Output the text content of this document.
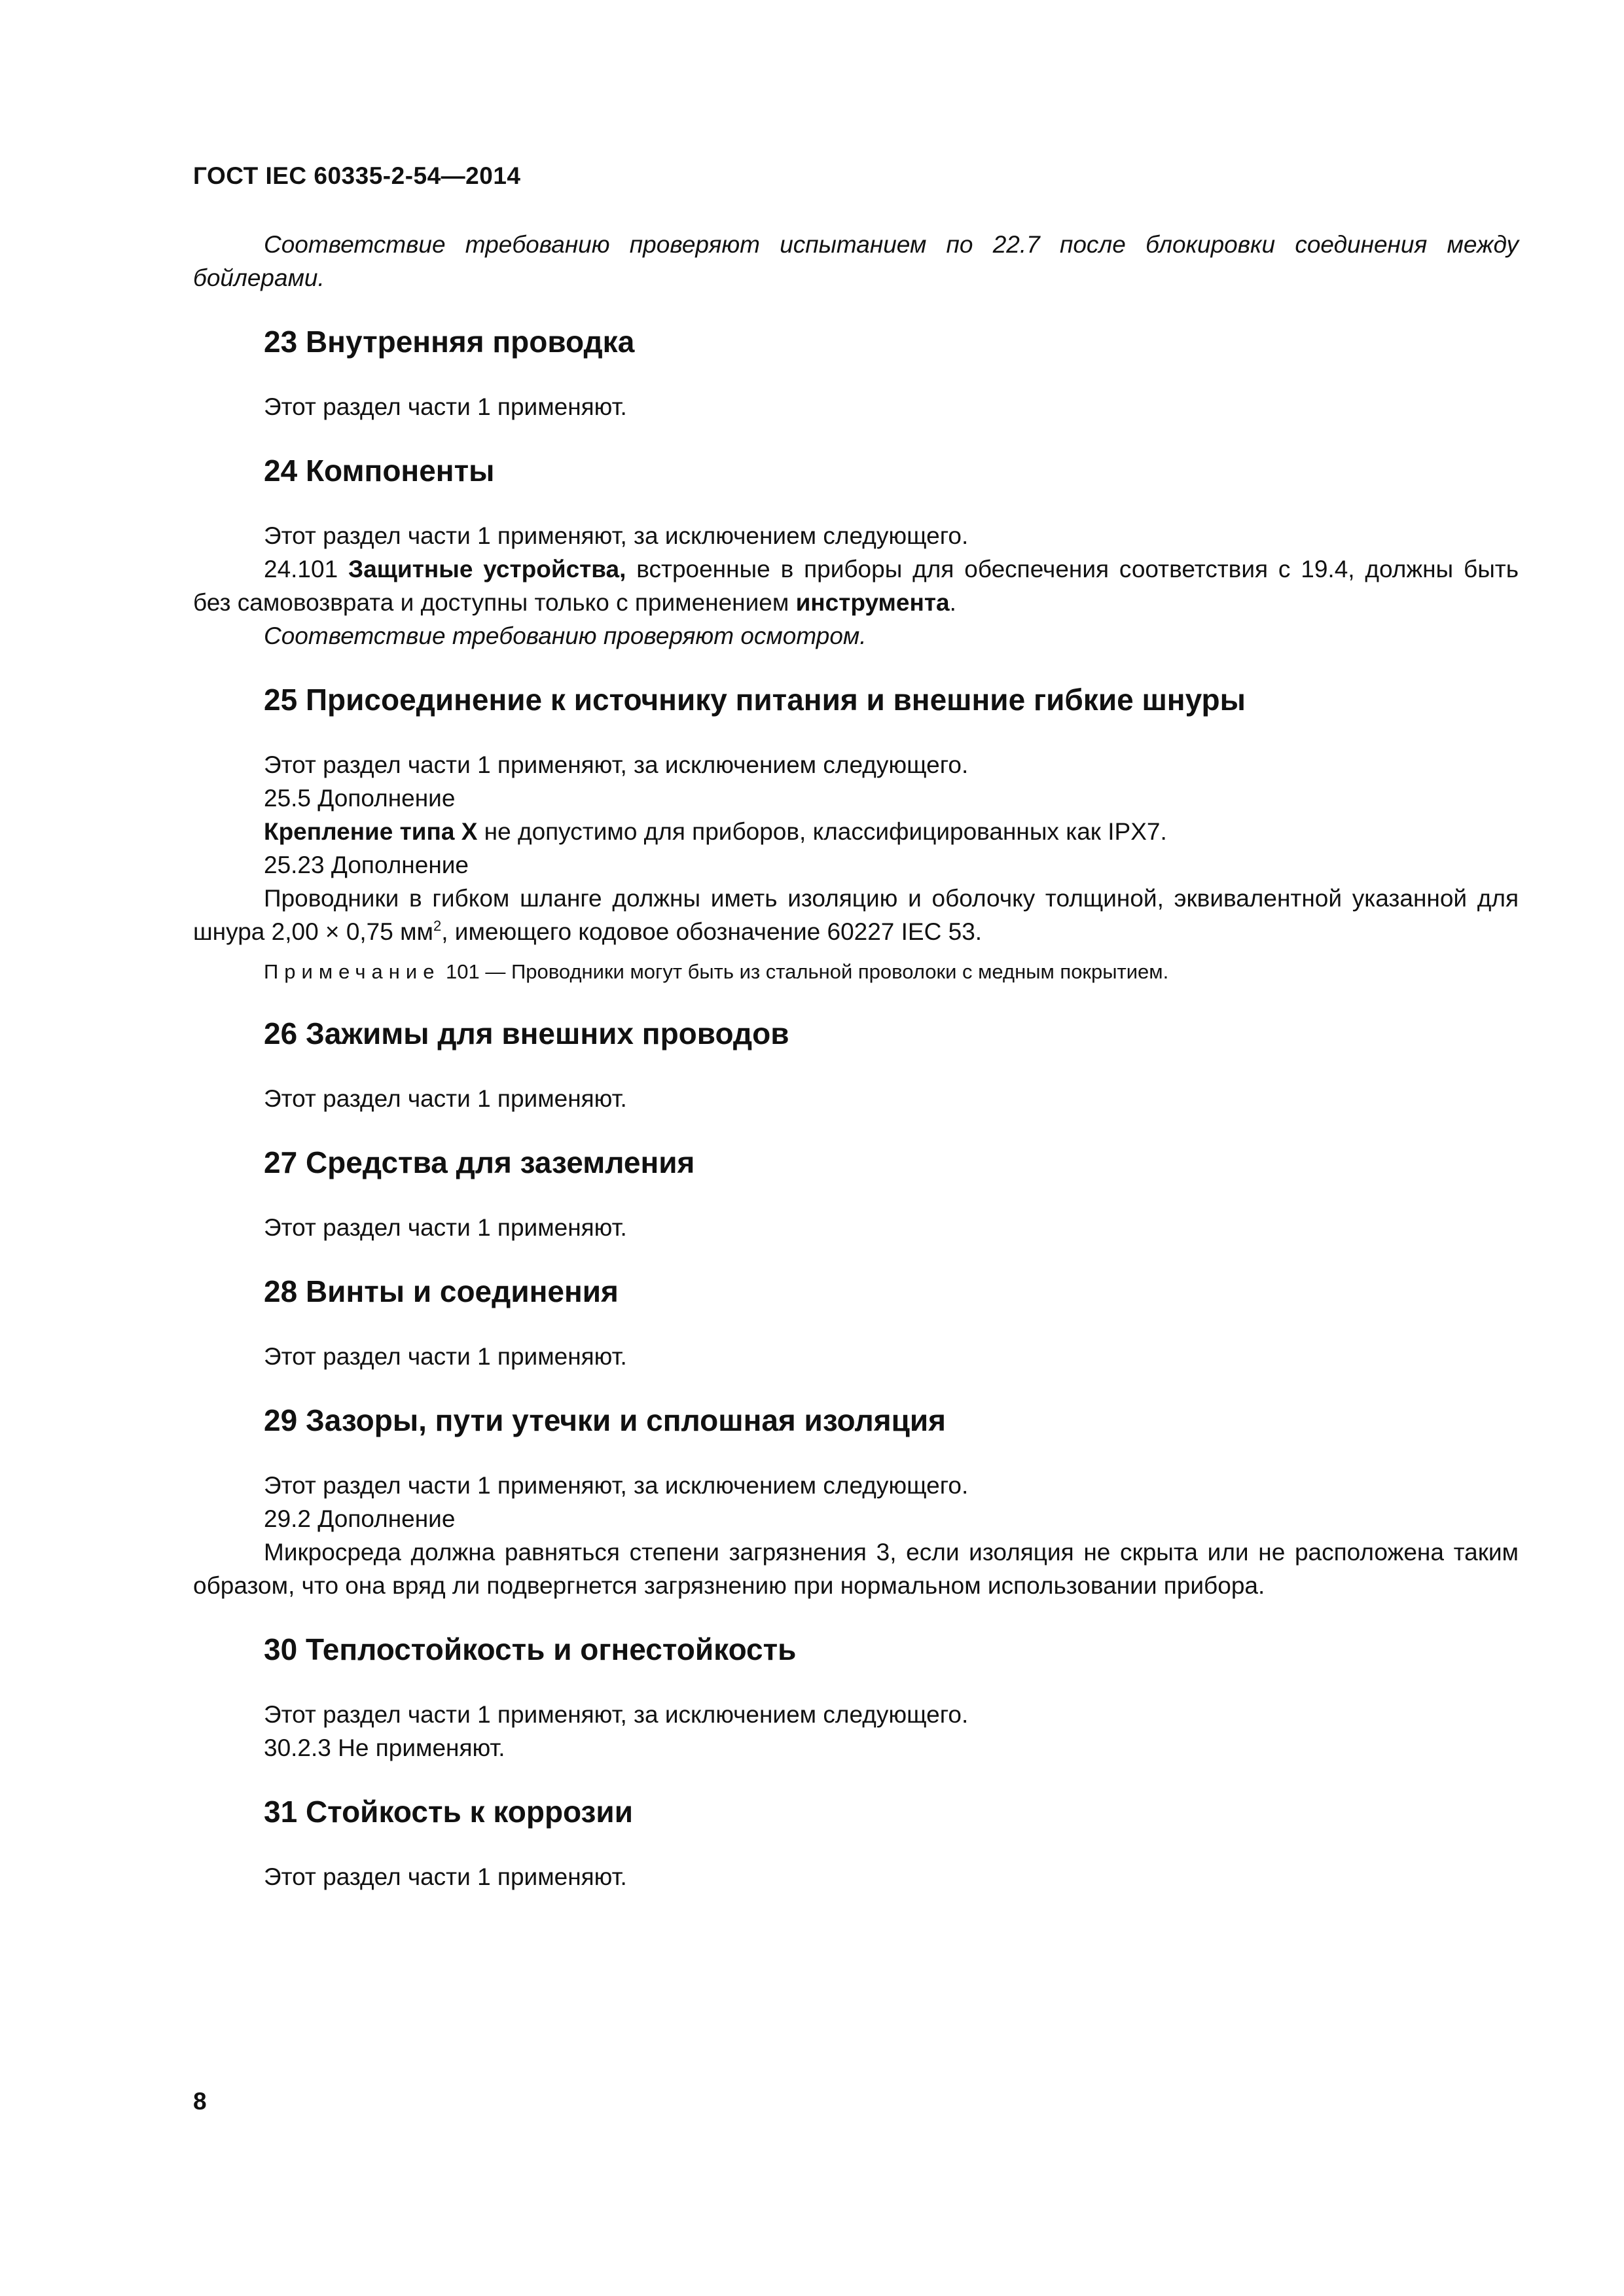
ГОСТ IEC 60335-2-54—2014

Соответствие требованию проверяют испытанием по 22.7 после блокировки соединения между бойлерами.

23 Внутренняя проводка

Этот раздел части 1 применяют.

24 Компоненты

Этот раздел части 1 применяют, за исключением следующего.

24.101 Защитные устройства, встроенные в приборы для обеспечения соответствия с 19.4, должны быть без самовозврата и доступны только с применением инструмента.

Соответствие требованию проверяют осмотром.

25 Присоединение к источнику питания и внешние гибкие шнуры

Этот раздел части 1 применяют, за исключением следующего.

25.5 Дополнение

Крепление типа X не допустимо для приборов, классифицированных как IPX7.

25.23 Дополнение

Проводники в гибком шланге должны иметь изоляцию и оболочку толщиной, эквивалентной указанной для шнура 2,00 × 0,75 $мм^2$, имеющего кодовое обозначение 60227 IEC 53.

Примечание 101 — Проводники могут быть из стальной проволоки с медным покрытием.

26 Зажимы для внешних проводов

Этот раздел части 1 применяют.

27 Средства для заземления

Этот раздел части 1 применяют.

28 Винты и соединения

Этот раздел части 1 применяют.

29 Зазоры, пути утечки и сплошная изоляция

Этот раздел части 1 применяют, за исключением следующего.

29.2 Дополнение

Микросреда должна равняться степени загрязнения 3, если изоляция не скрыта или не расположена таким образом, что она вряд ли подвергнется загрязнению при нормальном использовании прибора.

30 Теплостойкость и огнестойкость

Этот раздел части 1 применяют, за исключением следующего.

30.2.3 Не применяют.

31 Стойкость к коррозии

Этот раздел части 1 применяют.

8
